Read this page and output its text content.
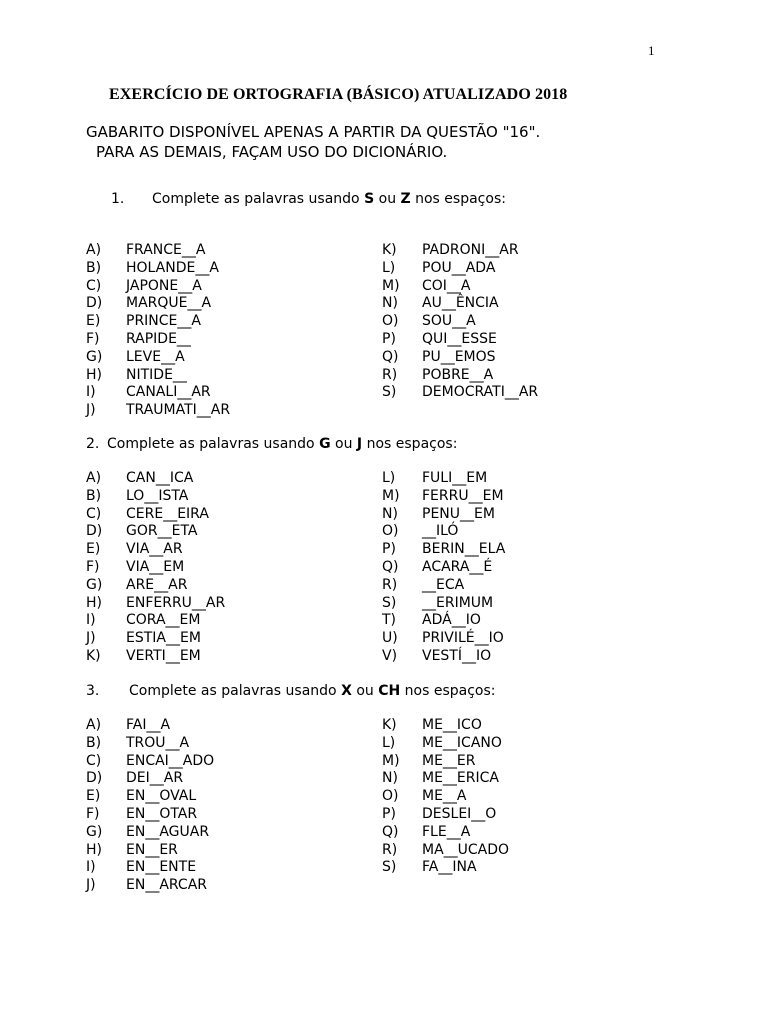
1
EXERCÍCIO DE ORTOGRAFIA (BÁSICO) ATUALIZADO 2018
GABARITO DISPONÍVEL APENAS A PARTIR DA QUESTÃO "16".
PARA AS DEMAIS, FAÇAM USO DO DICIONÁRIO.
1. Complete as palavras usando S ou Z nos espaços:
A)	FRANCE__A
B)	HOLANDE__A
C)	JAPONE__A
D)	MARQUE__A
E)	PRINCE__A
F)	RAPIDE__
G)	LEVE__A
H)	NITIDE__
I)	CANALI__AR
J)	TRAUMATI__AR
K)	PADRONI__AR
L)	POU__ADA
M)	COI__A
N)	AU__ÊNCIA
O)	SOU__A
P)	QUI__ESSE
Q)	PU__EMOS
R)	POBRE__A
S)	DEMOCRATI__AR
2. Complete as palavras usando G ou J nos espaços:
A)	CAN__ICA
B)	LO__ISTA
C)	CERE__EIRA
D)	GOR__ETA
E)	VIA__AR
F)	VIA__EM
G)	ARE__AR
H)	ENFERRU__AR
I)	CORA__EM
J)	ESTIA__EM
K)	VERTI__EM
L)	FULI__EM
M)	FERRU__EM
N)	PENU__EM
O)	__ILÓ
P)	BERIN__ELA
Q)	ACARA__É
R)	__ECA
S)	__ERIMUM
T)	ADÁ__IO
U)	PRIVILÉ__IO
V)	VESTÍ__IO
3. Complete as palavras usando X ou CH nos espaços:
A)	FAI__A
B)	TROU__A
C)	ENCAI__ADO
D)	DEI__AR
E)	EN__OVAL
F)	EN__OTAR
G)	EN__AGUAR
H)	EN__ER
I)	EN__ENTE
J)	EN__ARCAR
K)	ME__ICO
L)	ME__ICANO
M)	ME__ER
N)	ME__ERICA
O)	ME__A
P)	DESLEI__O
Q)	FLE__A
R)	MA__UCADO
S)	FA__INA
